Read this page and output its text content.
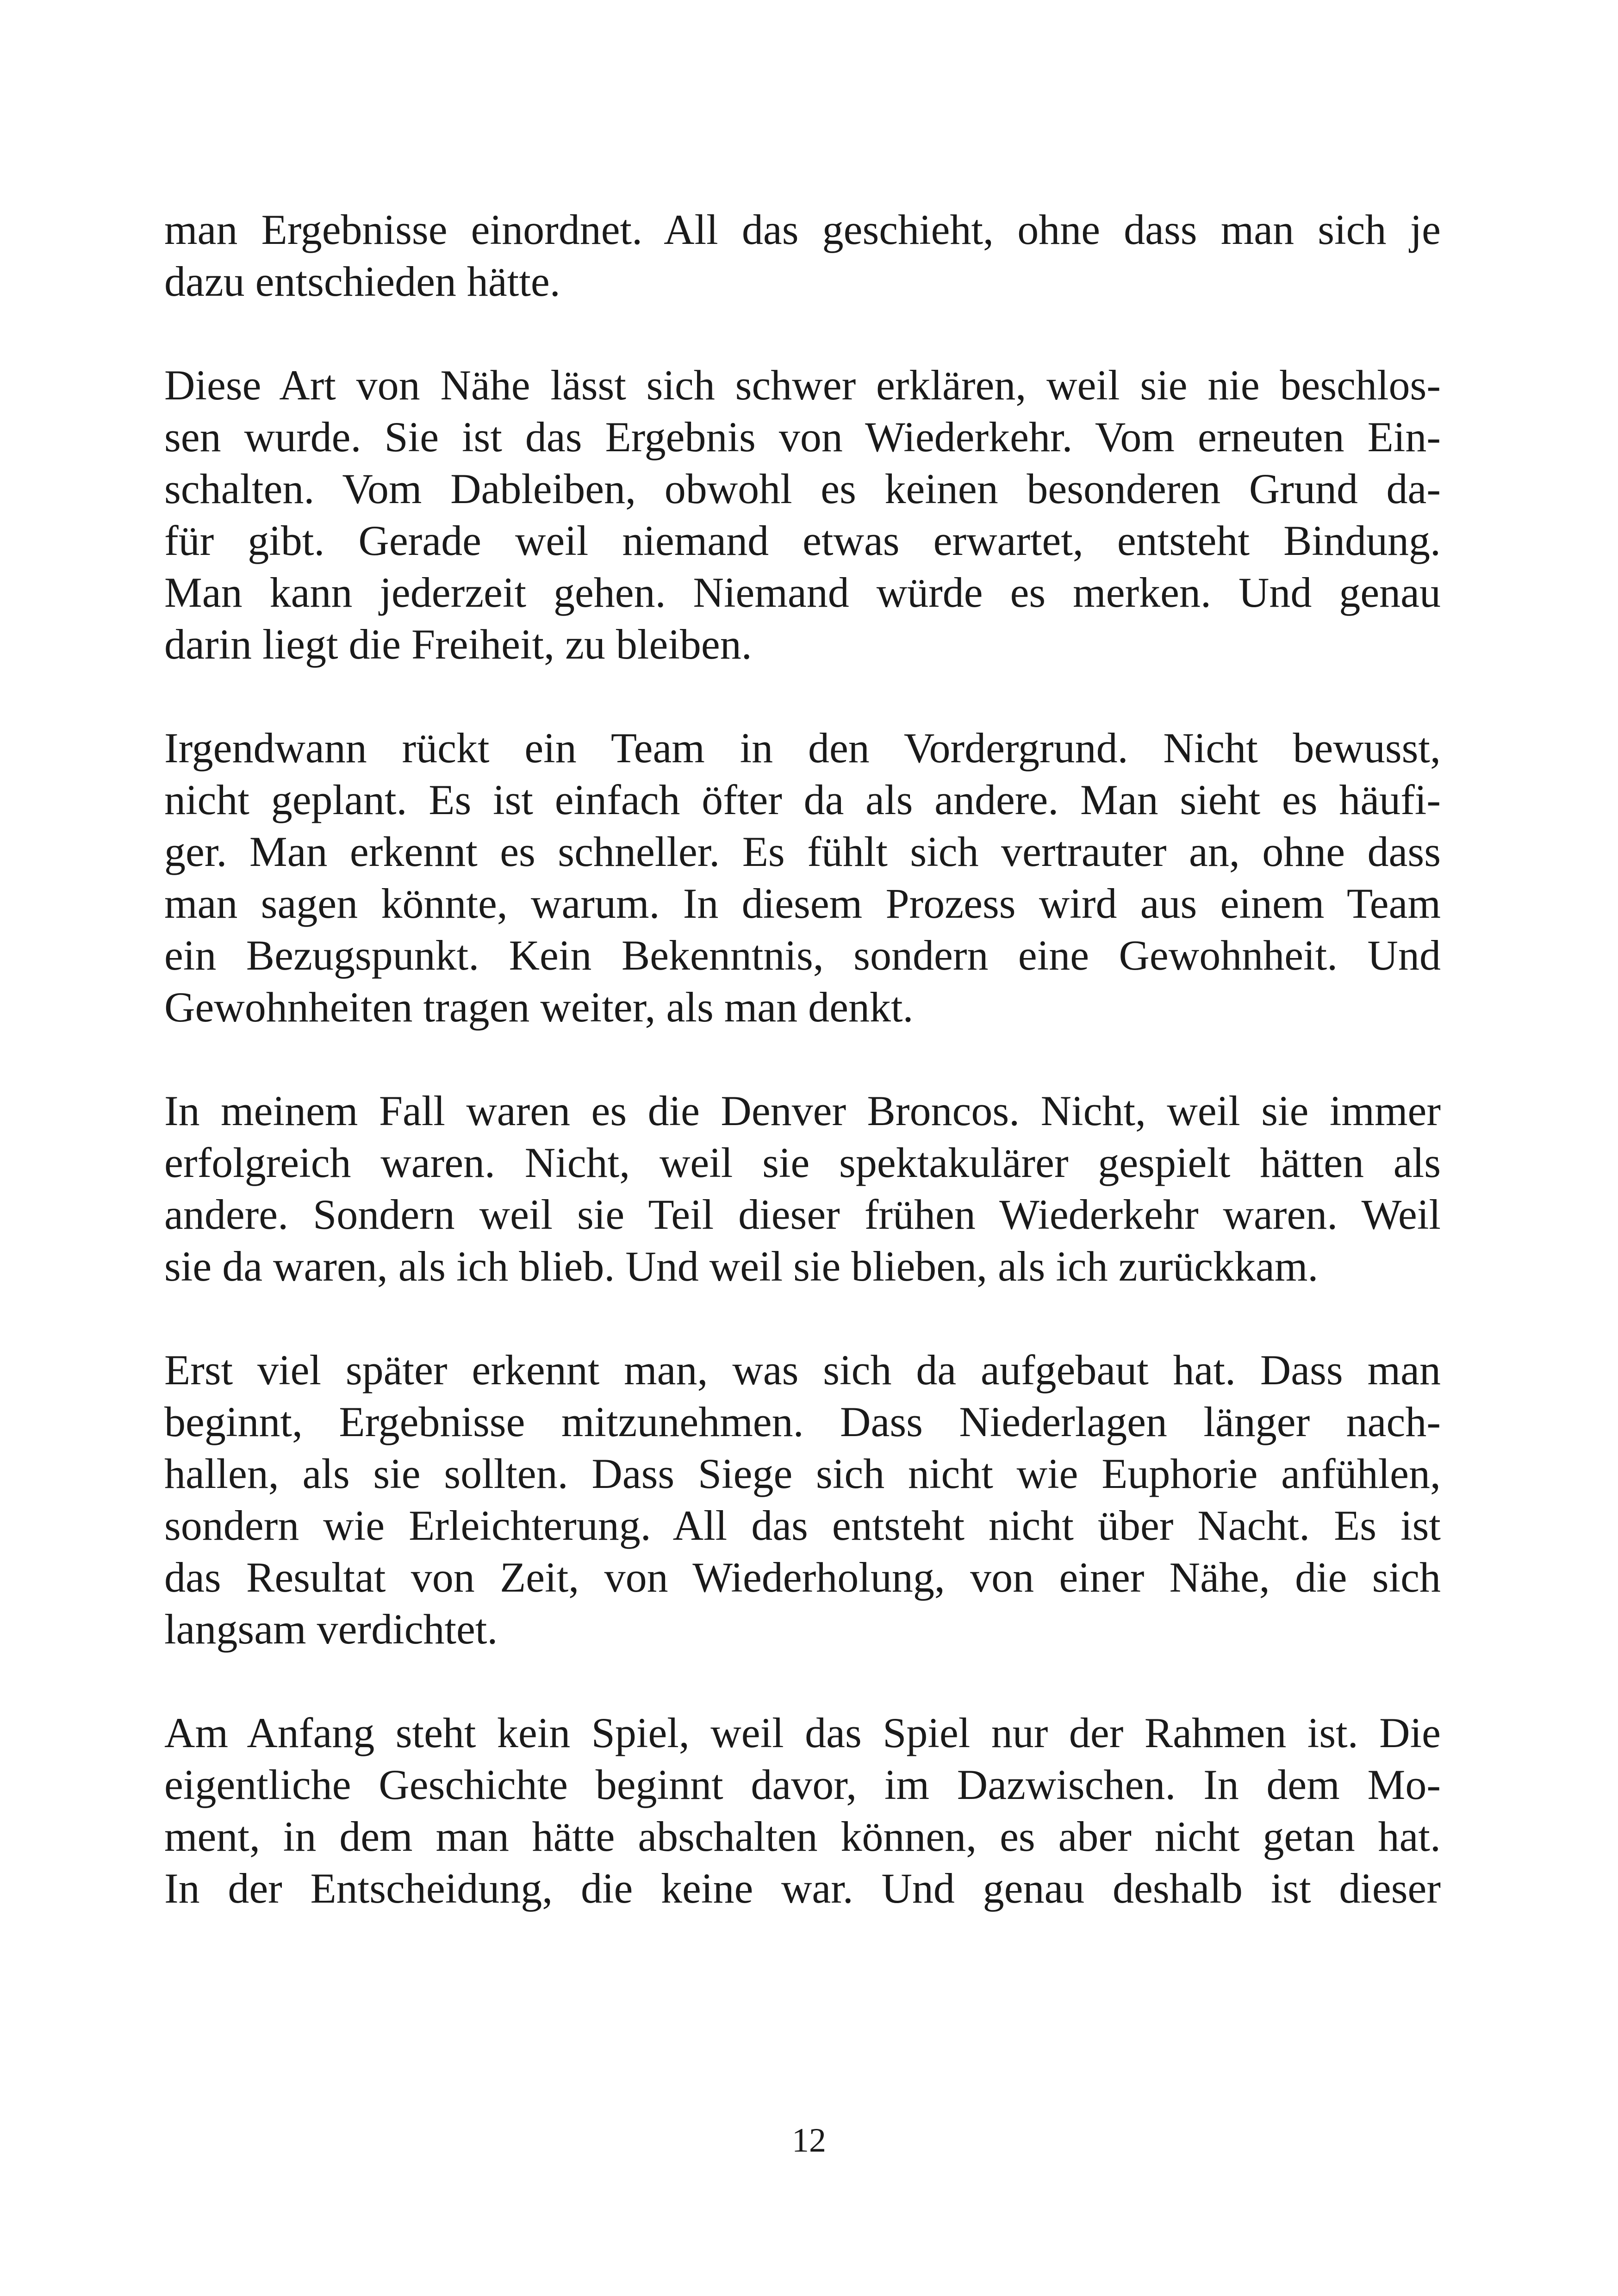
man Ergebnisse einordnet. All das geschieht, ohne dass man sich je
dazu entschieden hätte.
Diese Art von Nähe lässt sich schwer erklären, weil sie nie beschlos-
sen wurde. Sie ist das Ergebnis von Wiederkehr. Vom erneuten Ein-
schalten. Vom Dableiben, obwohl es keinen besonderen Grund da-
für gibt. Gerade weil niemand etwas erwartet, entsteht Bindung.
Man kann jederzeit gehen. Niemand würde es merken. Und genau
darin liegt die Freiheit, zu bleiben.
Irgendwann rückt ein Team in den Vordergrund. Nicht bewusst,
nicht geplant. Es ist einfach öfter da als andere. Man sieht es häufi-
ger. Man erkennt es schneller. Es fühlt sich vertrauter an, ohne dass
man sagen könnte, warum. In diesem Prozess wird aus einem Team
ein Bezugspunkt. Kein Bekenntnis, sondern eine Gewohnheit. Und
Gewohnheiten tragen weiter, als man denkt.
In meinem Fall waren es die Denver Broncos. Nicht, weil sie immer
erfolgreich waren. Nicht, weil sie spektakulärer gespielt hätten als
andere. Sondern weil sie Teil dieser frühen Wiederkehr waren. Weil
sie da waren, als ich blieb. Und weil sie blieben, als ich zurückkam.
Erst viel später erkennt man, was sich da aufgebaut hat. Dass man
beginnt, Ergebnisse mitzunehmen. Dass Niederlagen länger nach-
hallen, als sie sollten. Dass Siege sich nicht wie Euphorie anfühlen,
sondern wie Erleichterung. All das entsteht nicht über Nacht. Es ist
das Resultat von Zeit, von Wiederholung, von einer Nähe, die sich
langsam verdichtet.
Am Anfang steht kein Spiel, weil das Spiel nur der Rahmen ist. Die
eigentliche Geschichte beginnt davor, im Dazwischen. In dem Mo-
ment, in dem man hätte abschalten können, es aber nicht getan hat.
In der Entscheidung, die keine war. Und genau deshalb ist dieser
12
